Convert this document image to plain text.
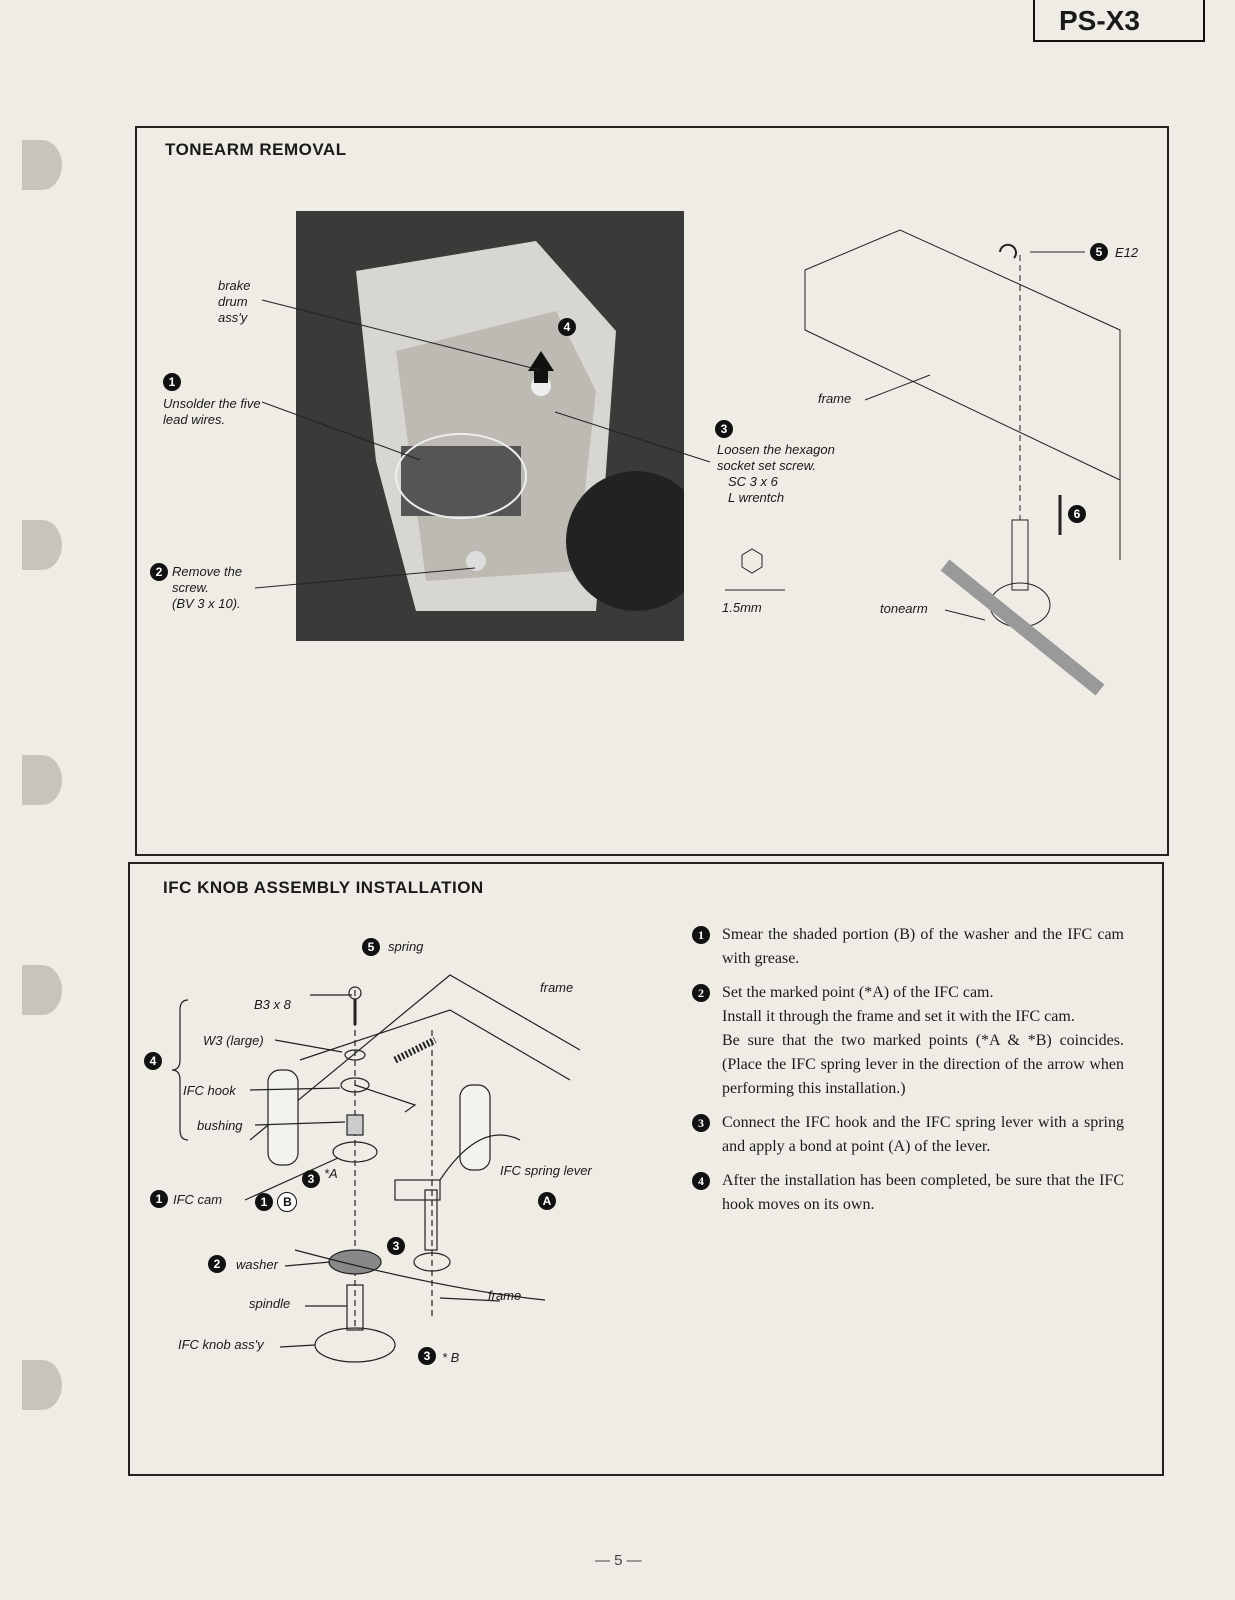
PS-X3
TONEARM REMOVAL
brake drum ass'y
1
Unsolder the five lead wires.
2 Remove the screw.
(BV 3 x 10).
4
3
Loosen the hexagon socket set screw.
SC 3 x 6
L wrentch
1.5mm
5 E12
6
frame
tonearm
IFC KNOB ASSEMBLY INSTALLATION
5	spring
frame
B3 x 8
W3 (large)
4
IFC hook
bushing
1 IFC cam	1 B
3 *A	IFC spring lever
A
3
2	washer
spindle
frame
IFC knob ass'y
3 * B
1	Smear the shaded portion (B) of the washer and the IFC cam with grease.
2	Set the marked point (*A) of the IFC cam.
Install it through the frame and set it with the IFC cam.
Be sure that the two marked points (*A & *B) coincides. (Place the IFC spring lever in the direction of the arrow when performing this installation.)
3	Connect the IFC hook and the IFC spring lever with a spring and apply a bond at point (A) of the lever.
4	After the installation has been completed, be sure that the IFC hook moves on its own.
— 5 —
